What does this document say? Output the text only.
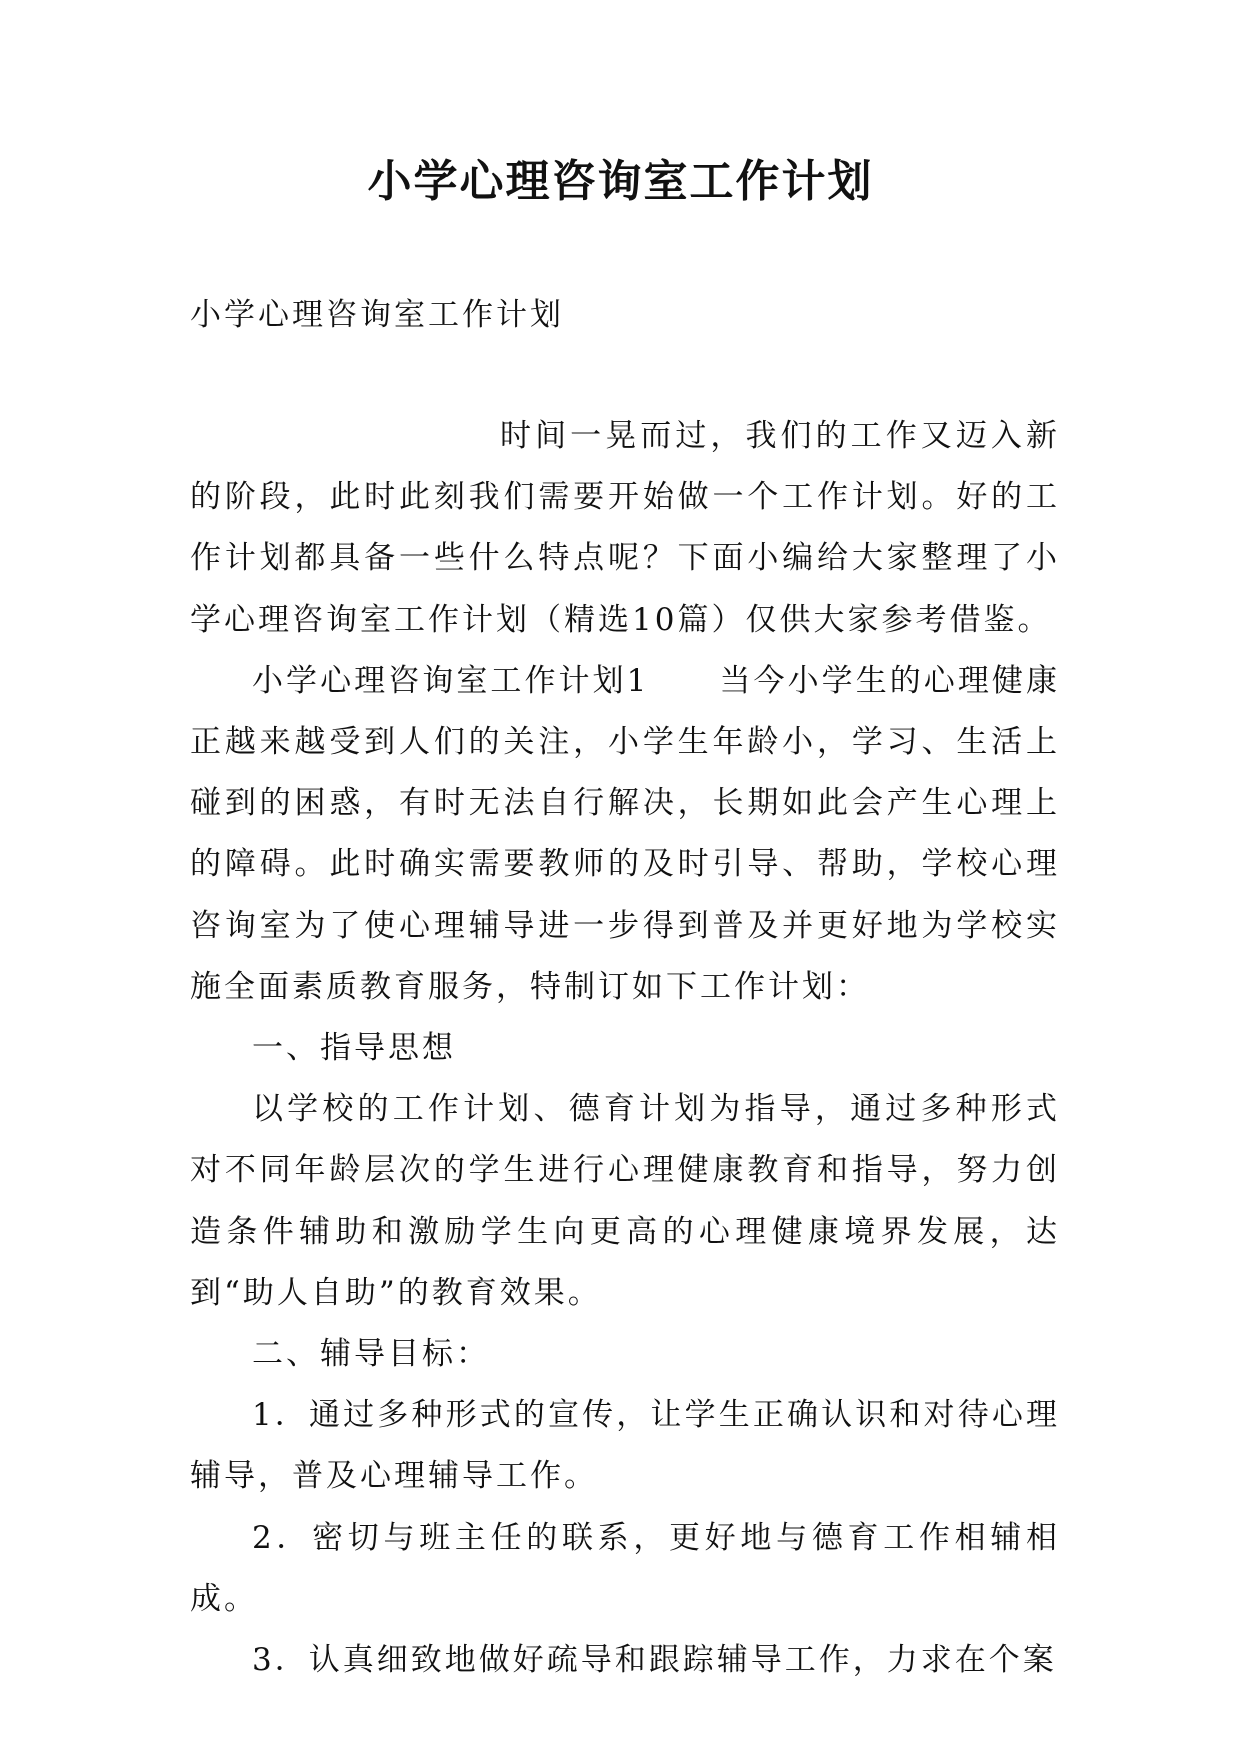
小学心理咨询室工作计划
小学心理咨询室工作计划

时间一晃而过，我们的工作又迈入新的阶段，此时此刻我们需要开始做一个工作计划。好的工作计划都具备一些什么特点呢？下面小编给大家整理了小学心理咨询室工作计划（精选10篇）仅供大家参考借鉴。

小学心理咨询室工作计划1 当今小学生的心理健康正越来越受到人们的关注，小学生年龄小，学习、生活上碰到的困惑，有时无法自行解决，长期如此会产生心理上的障碍。此时确实需要教师的及时引导、帮助，学校心理咨询室为了使心理辅导进一步得到普及并更好地为学校实施全面素质教育服务，特制订如下工作计划：

一、指导思想

以学校的工作计划、德育计划为指导，通过多种形式对不同年龄层次的学生进行心理健康教育和指导，努力创造条件辅助和激励学生向更高的心理健康境界发展，达到“助人自助”的教育效果。

二、辅导目标：

1．通过多种形式的宣传，让学生正确认识和对待心理辅导，普及心理辅导工作。

2．密切与班主任的联系，更好地与德育工作相辅相成。

3．认真细致地做好疏导和跟踪辅导工作，力求在个案
